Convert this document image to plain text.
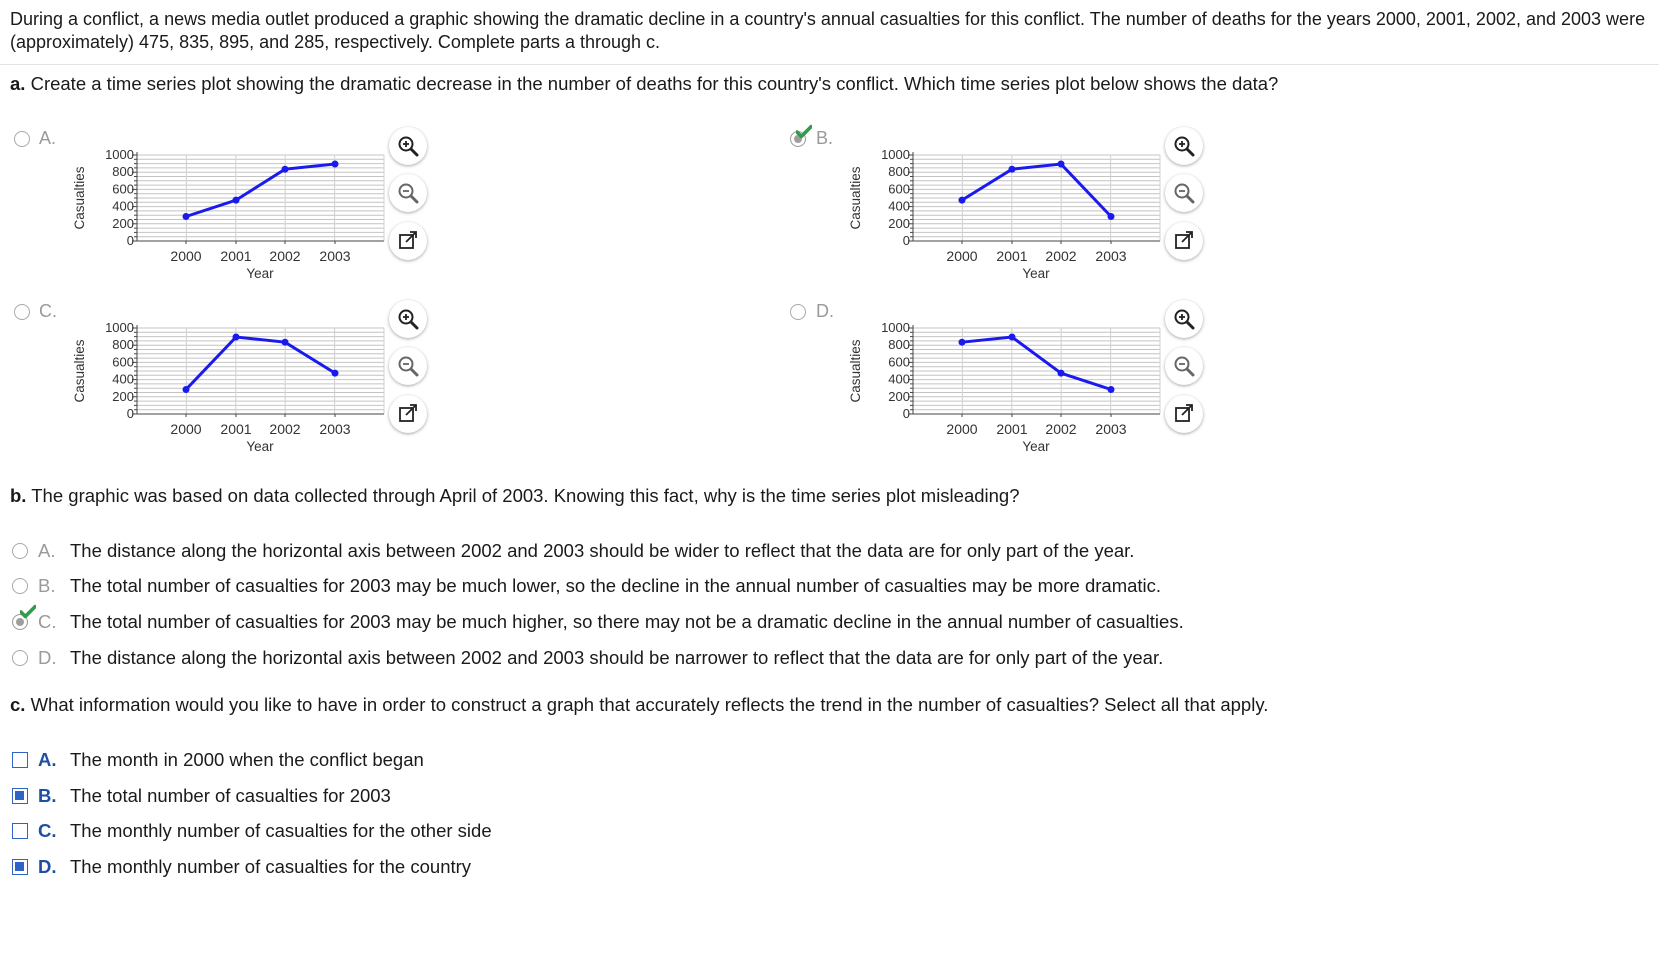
During a conflict, a news media outlet produced a graphic showing the dramatic decline in a country's annual casualties for this conflict. The number of deaths for the years 2000, 2001, 2002, and 2003 were (approximately) 475, 835, 895, and 285, respectively. Complete parts a through c.
a. Create a time series plot showing the dramatic decrease in the number of deaths for this country's conflict. Which time series plot below shows the data?
A.	B.
C.	D.
1000
800
600
400
200
0
2000 2001 2002 2003
Year
Casualties
1000
800
600
400
200
0
2000 2001 2002 2003
Year
Casualties
1000
800
600
400
200
0
2000 2001 2002 2003
Year
Casualties
1000
800
600
400
200
0
2000 2001 2002 2003
Year
Casualties
b. The graphic was based on data collected through April of 2003. Knowing this fact, why is the time series plot misleading?
A. The distance along the horizontal axis between 2002 and 2003 should be wider to reflect that the data are for only part of the year.
B. The total number of casualties for 2003 may be much lower, so the decline in the annual number of casualties may be more dramatic.
C. The total number of casualties for 2003 may be much higher, so there may not be a dramatic decline in the annual number of casualties.
D. The distance along the horizontal axis between 2002 and 2003 should be narrower to reflect that the data are for only part of the year.
c. What information would you like to have in order to construct a graph that accurately reflects the trend in the number of casualties? Select all that apply.
A. The month in 2000 when the conflict began
B. The total number of casualties for 2003
C. The monthly number of casualties for the other side
D. The monthly number of casualties for the country
